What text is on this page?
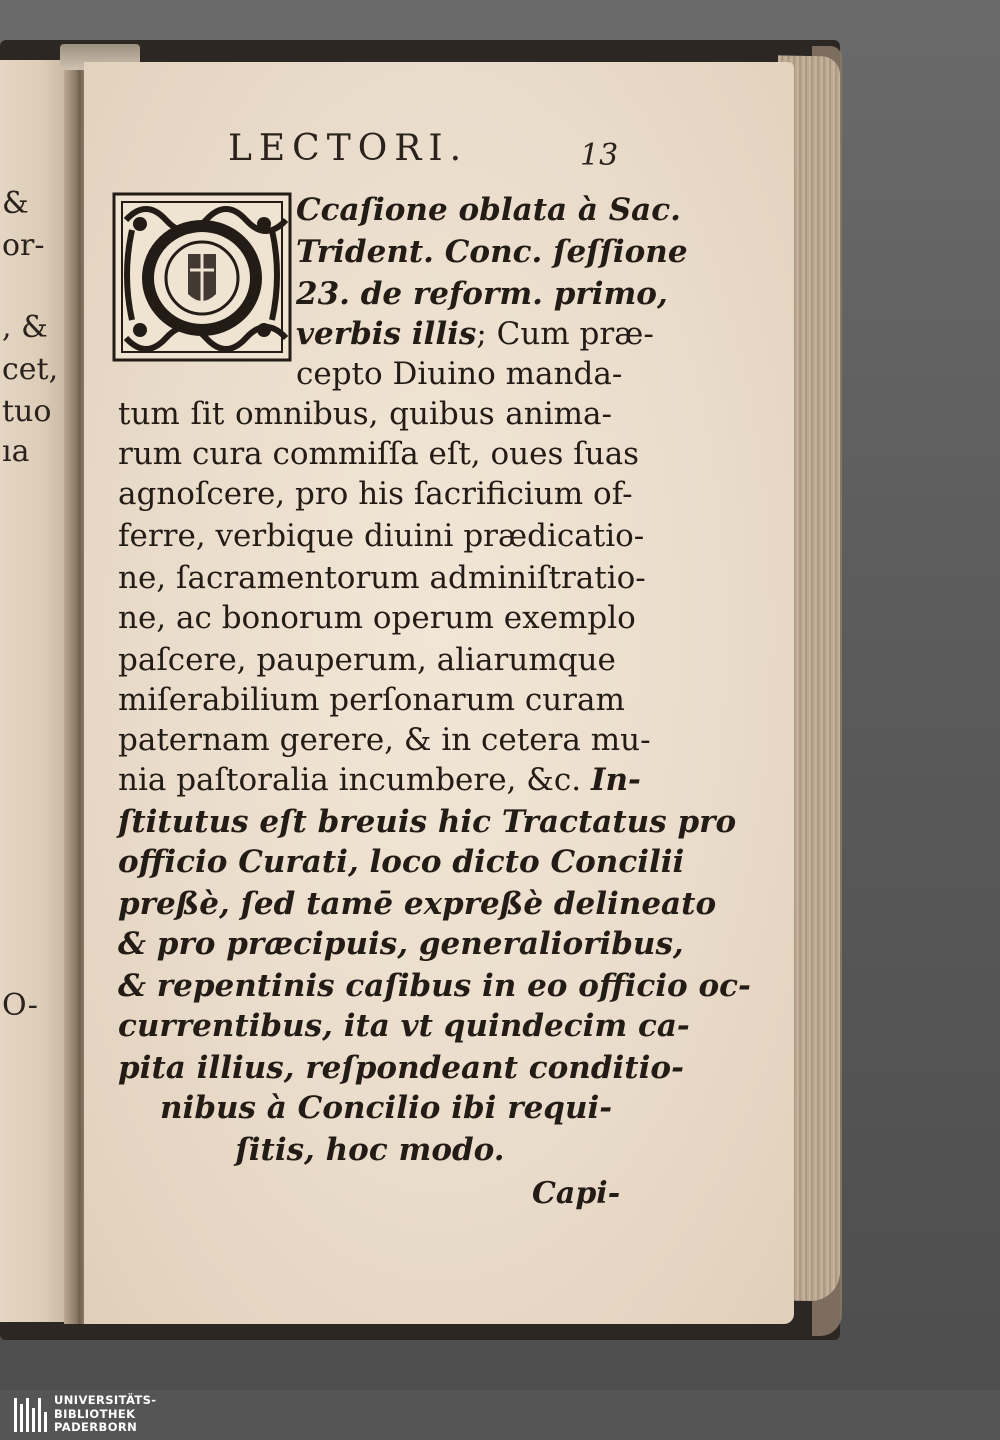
&
or-
, &
cet,
tuo
ıa
O-
LECTORI.	13
Ccaſione oblata à Sac.
Trident. Conc. ſeſſione
23. de reform. primo,
verbis illis; Cum præ-
cepto Diuino manda-
tum ſit omnibus, quibus anima-
rum cura commiſſa eſt, oues ſuas
agnoſcere, pro his ſacrificium of-
ferre, verbique diuini prædicatio-
ne, ſacramentorum adminiſtratio-
ne, ac bonorum operum exemplo
paſcere, pauperum, aliarumque
miſerabilium perſonarum curam
paternam gerere, & in cetera mu-
nia paſtoralia incumbere, &c. In-
ſtitutus eſt breuis hic Tractatus pro
officio Curati, loco dicto Concilii
preßè, ſed tamē expreßè delineato
& pro præcipuis, generalioribus,
& repentinis caſibus in eo officio oc-
currentibus, ita vt quindecim ca-
pita illius, reſpondeant conditio-
nibus à Concilio ibi requi-
ſitis, hoc modo.
Capi-
UNIVERSITÄTS-
BIBLIOTHEK
PADERBORN
